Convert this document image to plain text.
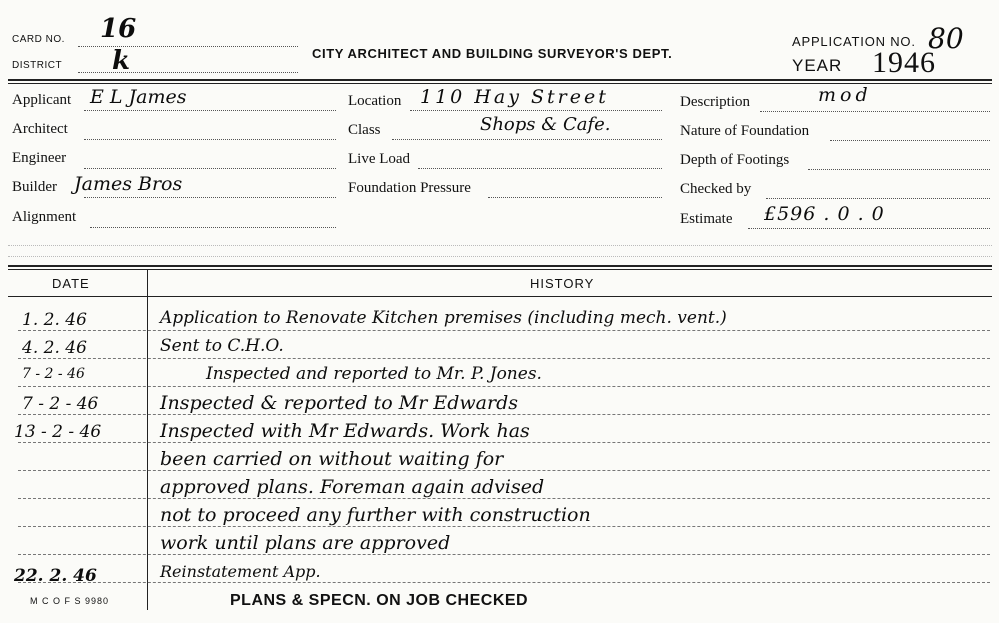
CARD NO. 16
DISTRICT k	CITY ARCHITECT AND BUILDING SURVEYOR'S DEPT.
APPLICATION NO. 80
YEAR 1946
Applicant E L James
Architect
Engineer
Builder James Bros
Alignment
Location 110 Hay Street
Class	Shops & Cafe.
Live Load
Foundation Pressure
Description	mod
Nature of Foundation
Depth of Footings
Checked by
Estimate £596 . 0 . 0
DATE	HISTORY
1. 2. 46	Application to Renovate Kitchen premises (including mech. vent.)
4. 2. 46	Sent to C.H.O.
7 - 2 - 46	Inspected and reported to Mr. P. Jones.
7 - 2 - 46	Inspected & reported to Mr Edwards
13 - 2 - 46	Inspected with Mr Edwards. Work has
been carried on without waiting for
approved plans. Foreman again advised
not to proceed any further with construction
work until plans are approved
22. 2. 46	Reinstatement App.
PLANS & SPECN. ON JOB CHECKED
M C O F S 9980
